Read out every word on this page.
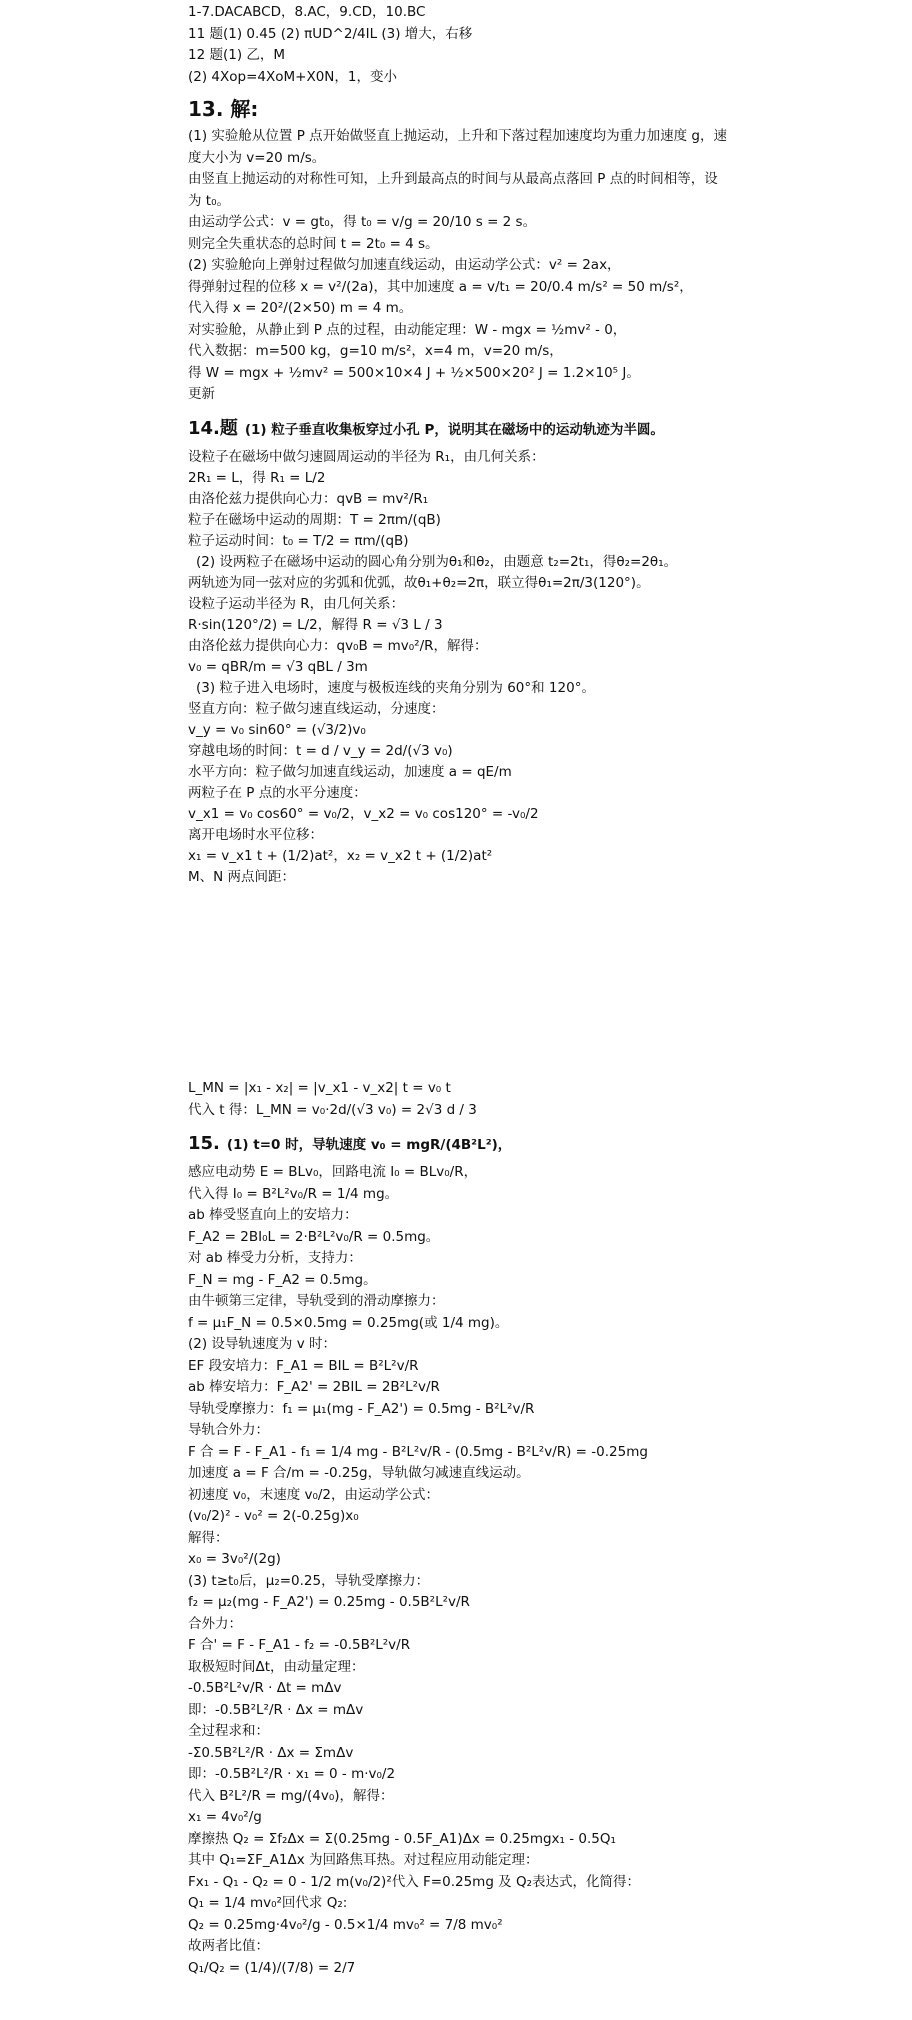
1-7.DACABCD，8.AC，9.CD，10.BC
11 题(1) 0.45 (2) πUD^2/4IL (3) 增大，右移
12 题(1) 乙，M
(2) 4Xop=4XoM+X0N，1，变小
13. 解:
(1) 实验舱从位置 P 点开始做竖直上抛运动，上升和下落过程加速度均为重力加速度 g，速
度大小为 v=20 m/s。
由竖直上抛运动的对称性可知，上升到最高点的时间与从最高点落回 P 点的时间相等，设
为 t₀。
由运动学公式：v = gt₀，得 t₀ = v/g = 20/10 s = 2 s。
则完全失重状态的总时间 t = 2t₀ = 4 s。
(2) 实验舱向上弹射过程做匀加速直线运动，由运动学公式：v² = 2ax，
得弹射过程的位移 x = v²/(2a)，其中加速度 a = v/t₁ = 20/0.4 m/s² = 50 m/s²，
代入得 x = 20²/(2×50) m = 4 m。
对实验舱，从静止到 P 点的过程，由动能定理：W - mgx = ½mv² - 0，
代入数据：m=500 kg，g=10 m/s²，x=4 m，v=20 m/s，
得 W = mgx + ½mv² = 500×10×4 J + ½×500×20² J = 1.2×10⁵ J。
更新
14.题 (1) 粒子垂直收集板穿过小孔 P，说明其在磁场中的运动轨迹为半圆。
设粒子在磁场中做匀速圆周运动的半径为 R₁，由几何关系：
2R₁ = L，得 R₁ = L/2
由洛伦兹力提供向心力：qvB = mv²/R₁
粒子在磁场中运动的周期：T = 2πm/(qB)
粒子运动时间：t₀ = T/2 = πm/(qB)
(2) 设两粒子在磁场中运动的圆心角分别为θ₁和θ₂，由题意 t₂=2t₁，得θ₂=2θ₁。
两轨迹为同一弦对应的劣弧和优弧，故θ₁+θ₂=2π，联立得θ₁=2π/3(120°)。
设粒子运动半径为 R，由几何关系：
R·sin(120°/2) = L/2，解得 R = √3 L / 3
由洛伦兹力提供向心力：qv₀B = mv₀²/R，解得：
v₀ = qBR/m = √3 qBL / 3m
(3) 粒子进入电场时，速度与极板连线的夹角分别为 60°和 120°。
竖直方向：粒子做匀速直线运动，分速度：
v_y = v₀ sin60° = (√3/2)v₀
穿越电场的时间：t = d / v_y = 2d/(√3 v₀)
水平方向：粒子做匀加速直线运动，加速度 a = qE/m
两粒子在 P 点的水平分速度：
v_x1 = v₀ cos60° = v₀/2，v_x2 = v₀ cos120° = -v₀/2
离开电场时水平位移：
x₁ = v_x1 t + (1/2)at²，x₂ = v_x2 t + (1/2)at²
M、N 两点间距：
L_MN = |x₁ - x₂| = |v_x1 - v_x2| t = v₀ t
代入 t 得：L_MN = v₀·2d/(√3 v₀) = 2√3 d / 3
15. (1) t=0 时，导轨速度 v₀ = mgR/(4B²L²)，
感应电动势 E = BLv₀，回路电流 I₀ = BLv₀/R，
代入得 I₀ = B²L²v₀/R = 1/4 mg。
ab 棒受竖直向上的安培力：
F_A2 = 2BI₀L = 2·B²L²v₀/R = 0.5mg。
对 ab 棒受力分析，支持力：
F_N = mg - F_A2 = 0.5mg。
由牛顿第三定律，导轨受到的滑动摩擦力：
f = μ₁F_N = 0.5×0.5mg = 0.25mg(或 1/4 mg)。
(2) 设导轨速度为 v 时：
EF 段安培力：F_A1 = BIL = B²L²v/R
ab 棒安培力：F_A2' = 2BIL = 2B²L²v/R
导轨受摩擦力：f₁ = μ₁(mg - F_A2') = 0.5mg - B²L²v/R
导轨合外力：
F 合 = F - F_A1 - f₁ = 1/4 mg - B²L²v/R - (0.5mg - B²L²v/R) = -0.25mg
加速度 a = F 合/m = -0.25g，导轨做匀减速直线运动。
初速度 v₀，末速度 v₀/2，由运动学公式：
(v₀/2)² - v₀² = 2(-0.25g)x₀
解得：
x₀ = 3v₀²/(2g)
(3) t≥t₀后，μ₂=0.25，导轨受摩擦力：
f₂ = μ₂(mg - F_A2') = 0.25mg - 0.5B²L²v/R
合外力：
F 合' = F - F_A1 - f₂ = -0.5B²L²v/R
取极短时间Δt，由动量定理：
-0.5B²L²v/R · Δt = mΔv
即：-0.5B²L²/R · Δx = mΔv
全过程求和：
-Σ0.5B²L²/R · Δx = ΣmΔv
即：-0.5B²L²/R · x₁ = 0 - m·v₀/2
代入 B²L²/R = mg/(4v₀)，解得：
x₁ = 4v₀²/g
摩擦热 Q₂ = Σf₂Δx = Σ(0.25mg - 0.5F_A1)Δx = 0.25mgx₁ - 0.5Q₁
其中 Q₁=ΣF_A1Δx 为回路焦耳热。对过程应用动能定理：
Fx₁ - Q₁ - Q₂ = 0 - 1/2 m(v₀/2)²代入 F=0.25mg 及 Q₂表达式，化简得：
Q₁ = 1/4 mv₀²回代求 Q₂:
Q₂ = 0.25mg·4v₀²/g - 0.5×1/4 mv₀² = 7/8 mv₀²
故两者比值：
Q₁/Q₂ = (1/4)/(7/8) = 2/7
